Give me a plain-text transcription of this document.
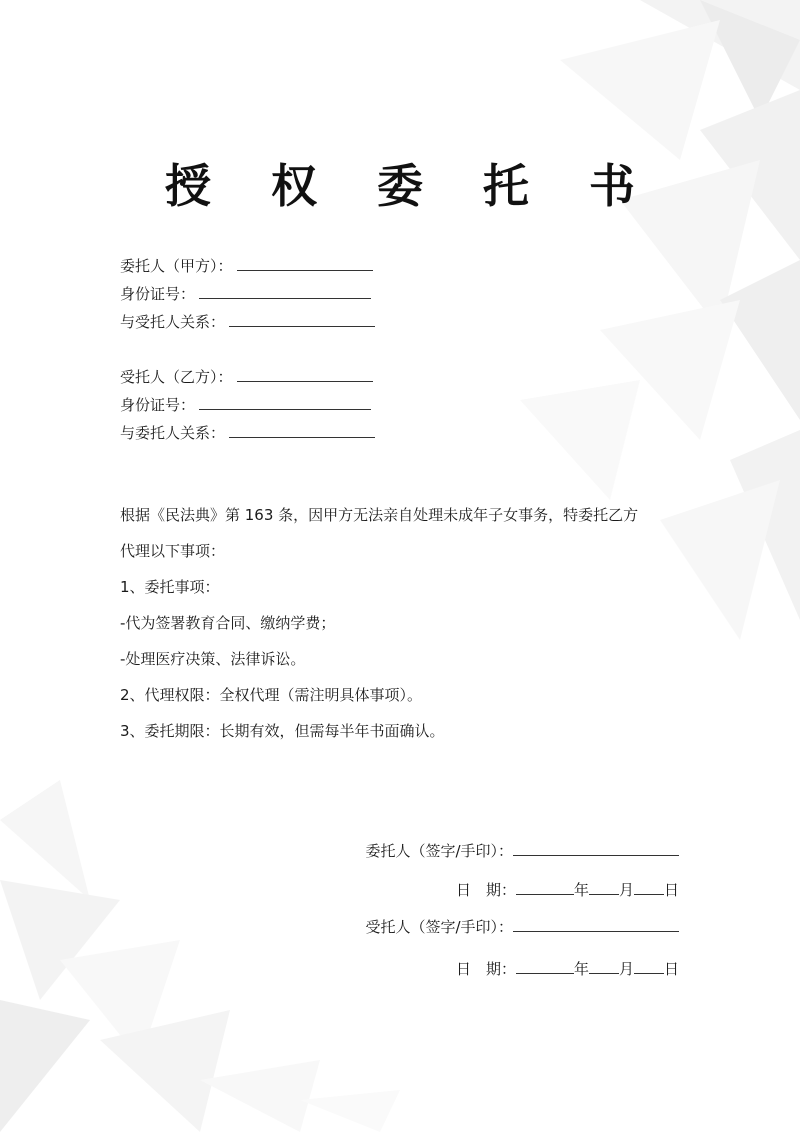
授 权 委 托 书
委托人（甲方）：
身份证号：
与受托人关系：
受托人（乙方）：
身份证号：
与委托人关系：
根据《民法典》第 163 条，因甲方无法亲自处理未成年子女事务，特委托乙方
代理以下事项：
1、委托事项：
-代为签署教育合同、缴纳学费；
-处理医疗决策、法律诉讼。
2、代理权限：全权代理（需注明具体事项）。
3、委托期限：长期有效，但需每半年书面确认。
委托人（签字/手印）：
日　期：	年 月 日
受托人（签字/手印）：
日　期：	年 月 日
